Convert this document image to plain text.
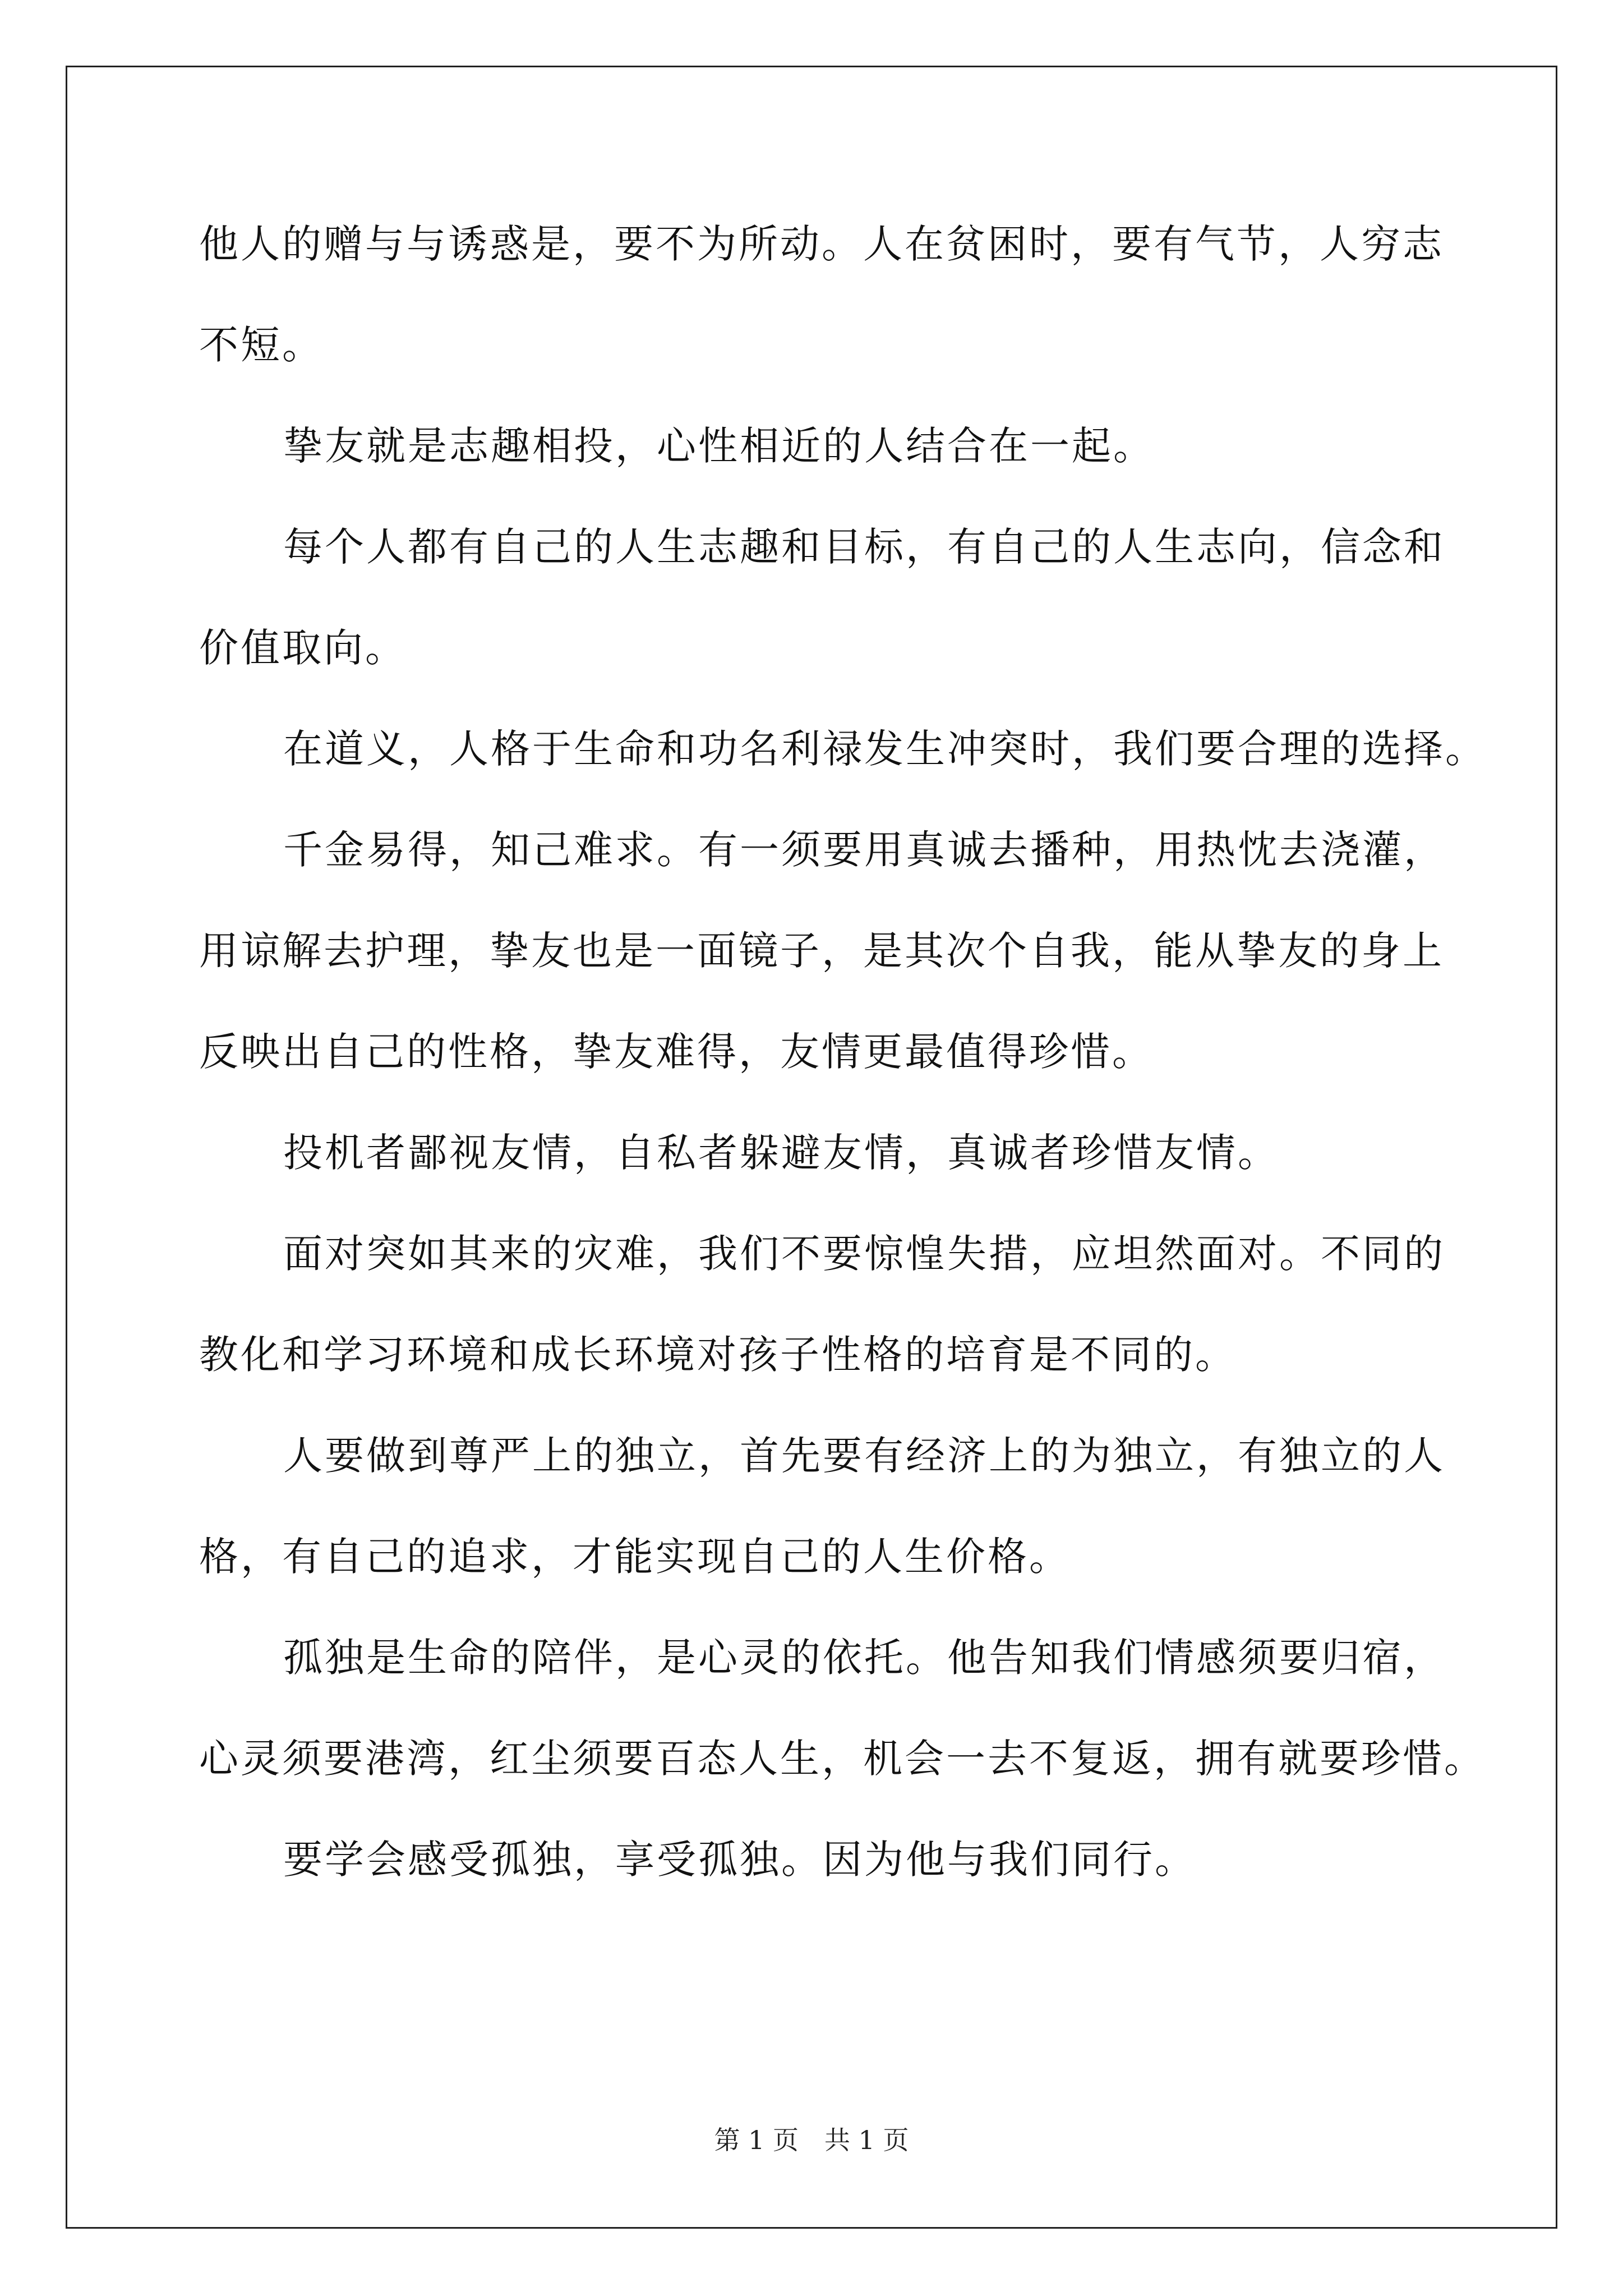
他人的赠与与诱惑是，要不为所动。人在贫困时，要有气节，人穷志
不短。
挚友就是志趣相投，心性相近的人结合在一起。
每个人都有自己的人生志趣和目标，有自己的人生志向，信念和
价值取向。
在道义，人格于生命和功名利禄发生冲突时，我们要合理的选择。
千金易得，知己难求。有一须要用真诚去播种，用热忱去浇灌，
用谅解去护理，挚友也是一面镜子，是其次个自我，能从挚友的身上
反映出自己的性格，挚友难得，友情更最值得珍惜。
投机者鄙视友情，自私者躲避友情，真诚者珍惜友情。
面对突如其来的灾难，我们不要惊惶失措，应坦然面对。不同的
教化和学习环境和成长环境对孩子性格的培育是不同的。
人要做到尊严上的独立，首先要有经济上的为独立，有独立的人
格，有自己的追求，才能实现自己的人生价格。
孤独是生命的陪伴，是心灵的依托。他告知我们情感须要归宿，
心灵须要港湾，红尘须要百态人生，机会一去不复返，拥有就要珍惜。
要学会感受孤独，享受孤独。因为他与我们同行。
第 1 页　共 1 页
